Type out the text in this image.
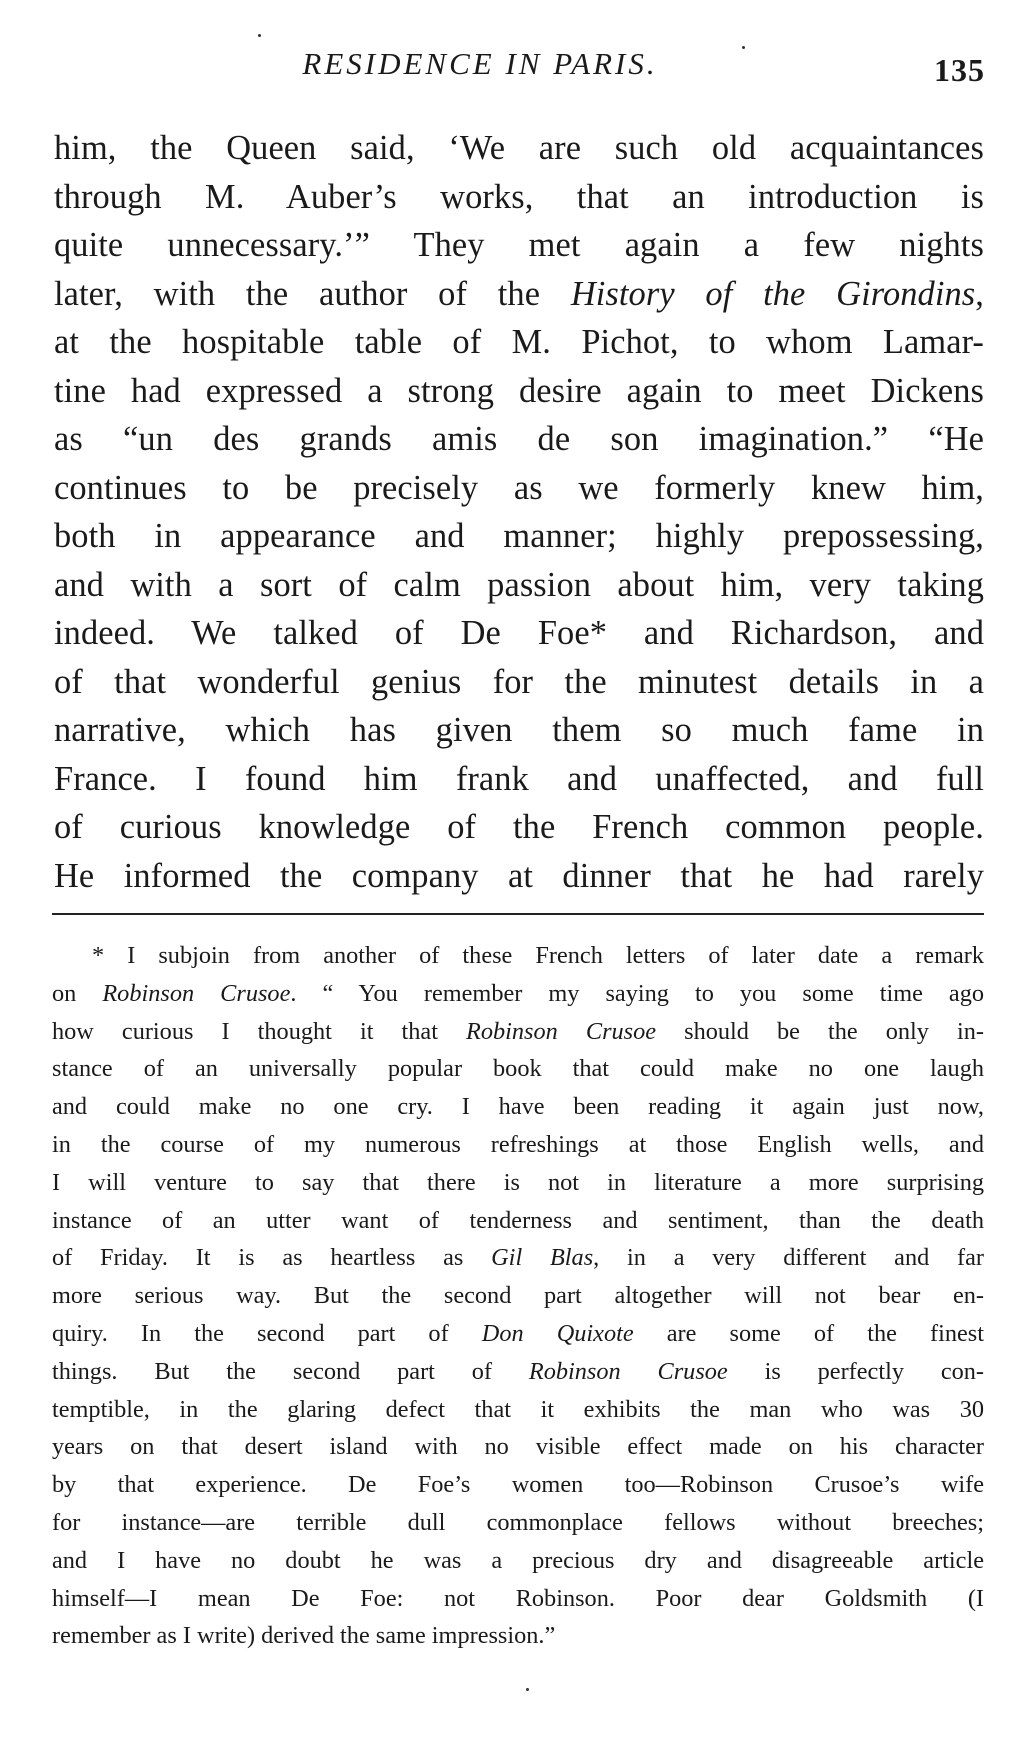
RESIDENCE IN PARIS.	135
him, the Queen said, ‘We are such old acquaintances
through M. Auber’s works, that an introduction is
quite unnecessary.’” They met again a few nights
later, with the author of the History of the Girondins,
at the hospitable table of M. Pichot, to whom Lamar-
tine had expressed a strong desire again to meet Dickens
as “un des grands amis de son imagination.” “He
continues to be precisely as we formerly knew him,
both in appearance and manner; highly prepossessing,
and with a sort of calm passion about him, very taking
indeed. We talked of De Foe* and Richardson, and
of that wonderful genius for the minutest details in a
narrative, which has given them so much fame in
France. I found him frank and unaffected, and full
of curious knowledge of the French common people.
He informed the company at dinner that he had rarely
* I subjoin from another of these French letters of later date a remark
on Robinson Crusoe. “ You remember my saying to you some time ago
how curious I thought it that Robinson Crusoe should be the only in-
stance of an universally popular book that could make no one laugh
and could make no one cry. I have been reading it again just now,
in the course of my numerous refreshings at those English wells, and
I will venture to say that there is not in literature a more surprising
instance of an utter want of tenderness and sentiment, than the death
of Friday. It is as heartless as Gil Blas, in a very different and far
more serious way. But the second part altogether will not bear en-
quiry. In the second part of Don Quixote are some of the finest
things. But the second part of Robinson Crusoe is perfectly con-
temptible, in the glaring defect that it exhibits the man who was 30
years on that desert island with no visible effect made on his character
by that experience. De Foe’s women too—Robinson Crusoe’s wife
for instance—are terrible dull commonplace fellows without breeches;
and I have no doubt he was a precious dry and disagreeable article
himself—I mean De Foe: not Robinson. Poor dear Goldsmith (I
remember as I write) derived the same impression.”
